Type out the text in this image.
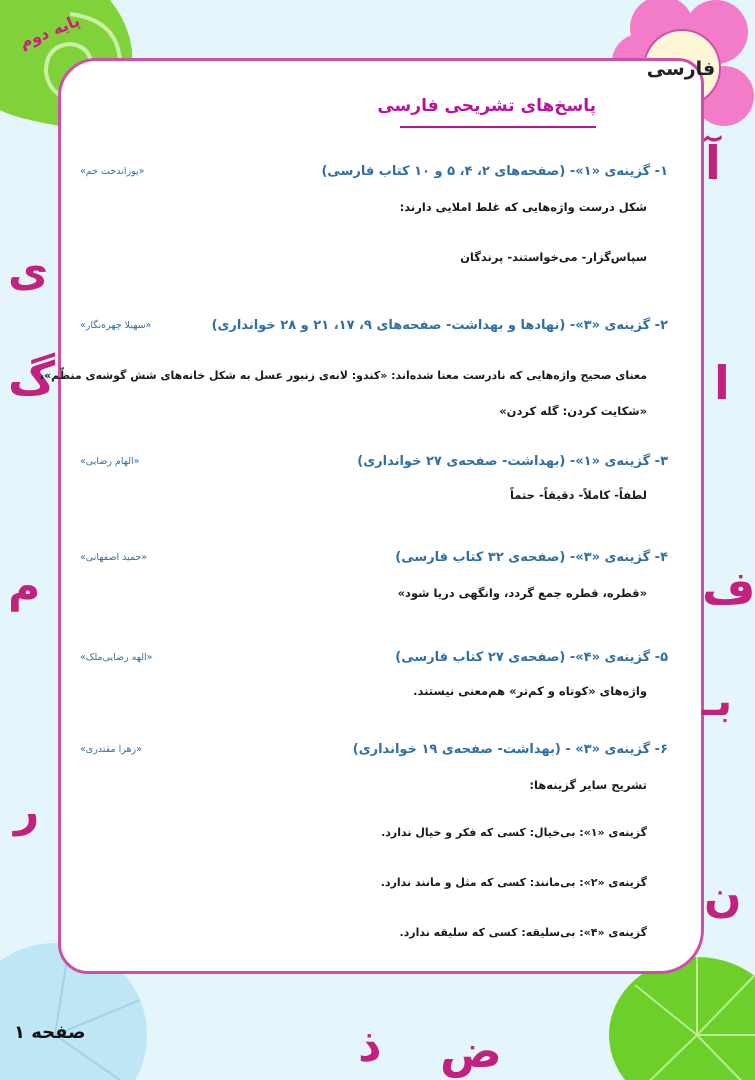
پایه دوم
فارسی
پاسخ‌های تشریحی فارسی
ی
گ
م
ر
آ
ا
ف
بـ
ن
ذ ض
۱- گزینه‌ی «۱»- (صفحه‌های ۲، ۴، ۵ و ۱۰ کتاب فارسی)
«پوراندخت جم»
شکل درست واژه‌هایی که غلط املایی دارند:
سپاس‌گزار- می‌خواستند- پرندگان
۲- گزینه‌ی «۳»- (نهادها و بهداشت- صفحه‌های ۹، ۱۷، ۲۱ و ۲۸ خوانداری)
«سهیلا چهره‌نگار»
معنای صحیح واژه‌هایی که نادرست معنا شده‌اند: «کندو: لانه‌ی زنبور عسل به شکل خانه‌های شش گوشه‌ی منظّم»،
«شکایت کردن: گله کردن»
۳- گزینه‌ی «۱»- (بهداشت- صفحه‌ی ۲۷ خوانداری)
«الهام رضایی»
لطفاً- کاملاً- دقیقاً- حتماً
۴- گزینه‌ی «۳»- (صفحه‌ی ۳۲ کتاب فارسی)
«حمید اصفهانی»
«قطره، قطره جمع گردد، وانگهی دریا شود»
۵- گزینه‌ی «۴»- (صفحه‌ی ۲۷ کتاب فارسی)
«الهه رضایی‌ملک»
واژه‌های «کوتاه و کم‌تر» هم‌معنی نیستند.
۶- گزینه‌ی «۳» - (بهداشت- صفحه‌ی ۱۹ خوانداری)
«زهرا مقتدری»
تشریح سایر گزینه‌ها:
گزینه‌ی «۱»: بی‌خیال: کسی که فکر و خیال ندارد.
گزینه‌ی «۲»: بی‌مانند: کسی که مثل و مانند ندارد.
گزینه‌ی «۴»: بی‌سلیقه: کسی که سلیقه ندارد.
صفحه ۱
